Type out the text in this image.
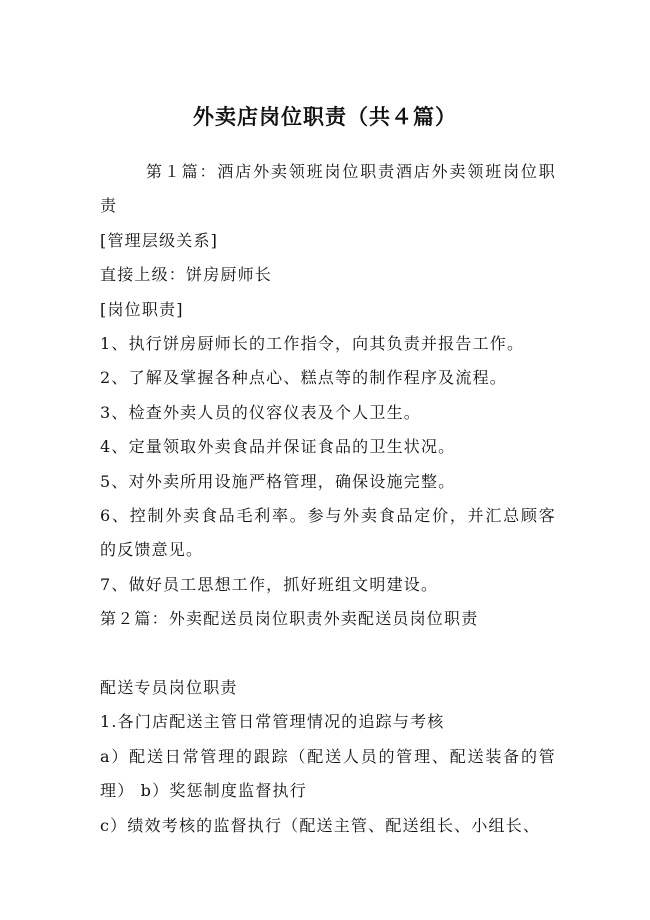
外卖店岗位职责（共４篇）

第１篇：酒店外卖领班岗位职责酒店外卖领班岗位职责

[管理层级关系]

直接上级：饼房厨师长

[岗位职责]

1、执行饼房厨师长的工作指令，向其负责并报告工作。

2、了解及掌握各种点心、糕点等的制作程序及流程。

3、检查外卖人员的仪容仪表及个人卫生。

4、定量领取外卖食品并保证食品的卫生状况。

5、对外卖所用设施严格管理，确保设施完整。

6、控制外卖食品毛利率。参与外卖食品定价，并汇总顾客的反馈意见。

7、做好员工思想工作，抓好班组文明建设。

第２篇：外卖配送员岗位职责外卖配送员岗位职责

配送专员岗位职责

1.各门店配送主管日常管理情况的追踪与考核

a）配送日常管理的跟踪（配送人员的管理、配送装备的管理） b）奖惩制度监督执行

c）绩效考核的监督执行（配送主管、配送组长、小组长、
